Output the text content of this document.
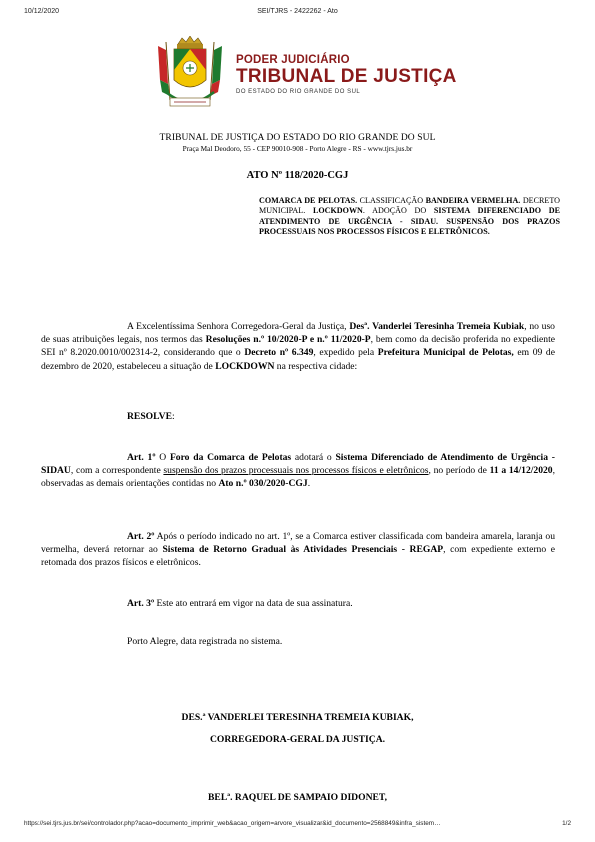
10/12/2020	SEI/TJRS - 2422262 - Ato
PODER JUDICIÁRIO
TRIBUNAL DE JUSTIÇA
DO ESTADO DO RIO GRANDE DO SUL
TRIBUNAL DE JUSTIÇA DO ESTADO DO RIO GRANDE DO SUL
Praça Mal Deodoro, 55 - CEP 90010-908 - Porto Alegre - RS - www.tjrs.jus.br
ATO Nº 118/2020-CGJ
COMARCA DE PELOTAS. CLASSIFICAÇÃO BANDEIRA VERMELHA. DECRETO MUNICIPAL. LOCKDOWN. ADOÇÃO DO SISTEMA DIFERENCIADO DE ATENDIMENTO DE URGÊNCIA - SIDAU. SUSPENSÃO DOS PRAZOS PROCESSUAIS NOS PROCESSOS FÍSICOS E ELETRÔNICOS.
A Excelentíssima Senhora Corregedora-Geral da Justiça, Desª. Vanderlei Teresinha Tremeia Kubiak, no uso de suas atribuições legais, nos termos das Resoluções n.º 10/2020-P e n.º 11/2020-P, bem como da decisão proferida no expediente SEI nº 8.2020.0010/002314-2, considerando que o Decreto nº 6.349, expedido pela Prefeitura Municipal de Pelotas, em 09 de dezembro de 2020, estabeleceu a situação de LOCKDOWN na respectiva cidade:
RESOLVE:
Art. 1º O Foro da Comarca de Pelotas adotará o Sistema Diferenciado de Atendimento de Urgência - SIDAU, com a correspondente suspensão dos prazos processuais nos processos físicos e eletrônicos, no período de 11 a 14/12/2020, observadas as demais orientações contidas no Ato n.º 030/2020-CGJ.
Art. 2º Após o período indicado no art. 1º, se a Comarca estiver classificada com bandeira amarela, laranja ou vermelha, deverá retornar ao Sistema de Retorno Gradual às Atividades Presenciais - REGAP, com expediente externo e retomada dos prazos físicos e eletrônicos.
Art. 3º Este ato entrará em vigor na data de sua assinatura.
Porto Alegre, data registrada no sistema.
DES.ª VANDERLEI TERESINHA TREMEIA KUBIAK,
CORREGEDORA-GERAL DA JUSTIÇA.
BELª. RAQUEL DE SAMPAIO DIDONET,
https://sei.tjrs.jus.br/sei/controlador.php?acao=documento_imprimir_web&acao_origem=arvore_visualizar&id_documento=2568849&infra_sistem…	1/2
